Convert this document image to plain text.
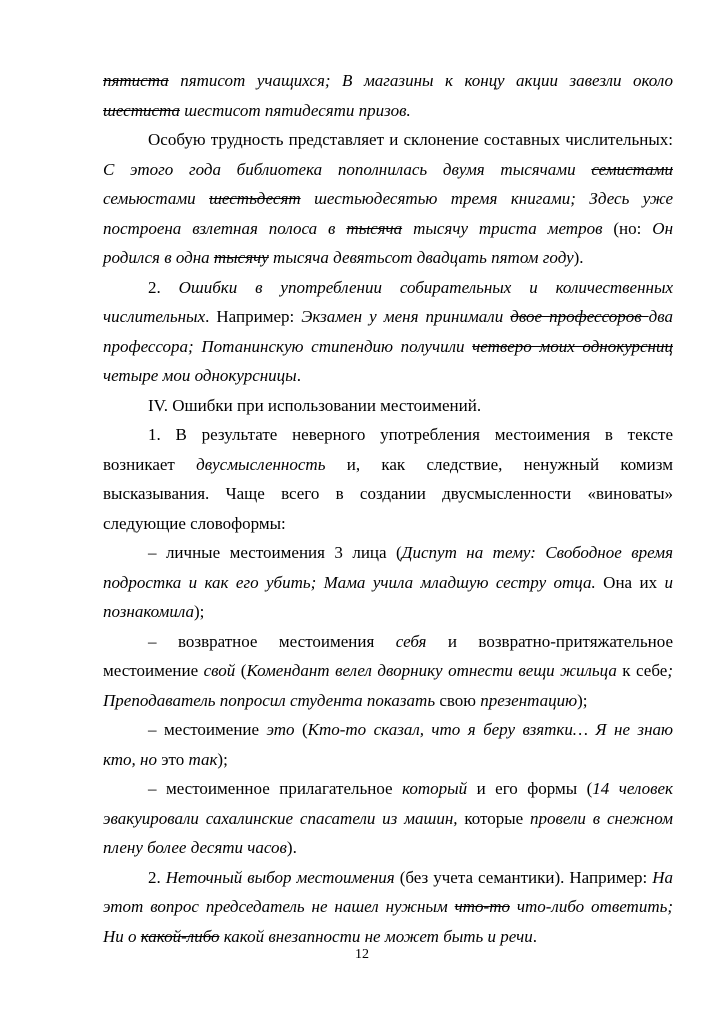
пятиста пятисот учащихся; В магазины к концу акции завезли около шестиста шестисот пятидесяти призов.

Особую трудность представляет и склонение составных числительных: С этого года библиотека пополнилась двумя тысячами семистами семьюстами шестьдесят шестьюдесятью тремя книгами; Здесь уже построена взлетная полоса в тысяча тысячу триста метров (но: Он родился в одна тысячу тысяча девятьсот двадцать пятом году).

2. Ошибки в употреблении собирательных и количественных числительных. Например: Экзамен у меня принимали двое профессоров два профессора; Потанинскую стипендию получили четверо моих однокурсниц четыре мои однокурсницы.

IV. Ошибки при использовании местоимений.

1. В результате неверного употребления местоимения в тексте возникает двусмысленность и, как следствие, ненужный комизм высказывания. Чаще всего в создании двусмысленности «виноваты» следующие словоформы:

– личные местоимения 3 лица (Диспут на тему: Свободное время подростка и как его убить; Мама учила младшую сестру отца. Она их и познакомила);

– возвратное местоимения себя и возвратно-притяжательное местоимение свой (Комендант велел дворнику отнести вещи жильца к себе; Преподаватель попросил студента показать свою презентацию);

– местоимение это (Кто-то сказал, что я беру взятки… Я не знаю кто, но это так);

– местоименное прилагательное который и его формы (14 человек эвакуировали сахалинские спасатели из машин, которые провели в снежном плену более десяти часов).

2. Неточный выбор местоимения (без учета семантики). Например: На этот вопрос председатель не нашел нужным что-то что-либо ответить; Ни о какой-либо какой внезапности не может быть и речи.

12
